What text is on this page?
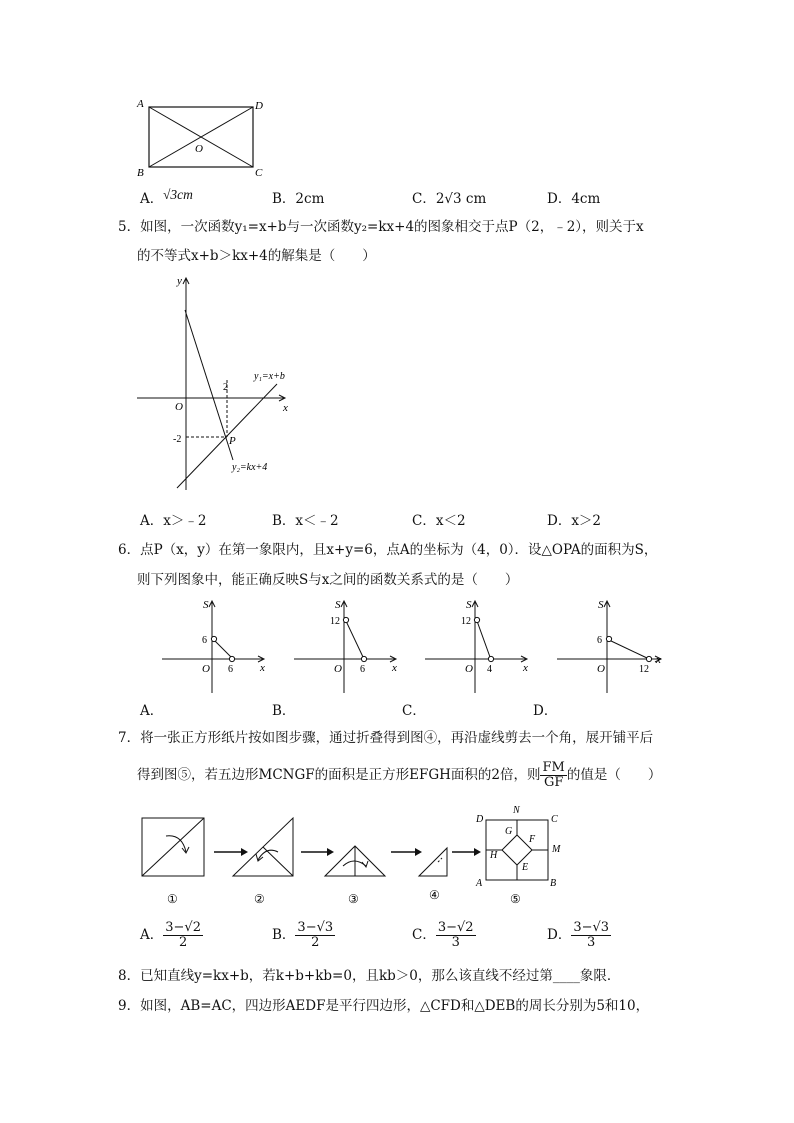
A	D
B	C
O
A． √3cm	B．2cm	C．2√3 cm	D．4cm
5．如图，一次函数y₁=x+b与一次函数y₂=kx+4的图象相交于点P（2，﹣2），则关于x
的不等式x+b＞kx+4的解集是（　　）
y
x
O
2
-2	P
y₁=x+b
y₂=kx+4
A．x＞﹣2	B．x＜﹣2	C．x＜2	D．x＞2
6．点P（x，y）在第一象限内，且x+y=6，点A的坐标为（4，0）．设△OPA的面积为S，
则下列图象中，能正确反映S与x之间的函数关系式的是（　　）
S
x
O
6
6
S
x
O
12
6
S
x
O
12
4
S
x
O
6
12
A．	B．	C．	D．
7．将一张正方形纸片按如图步骤，通过折叠得到图④，再沿虚线剪去一个角，展开铺平后
得到图⑤，若五边形MCNGF的面积是正方形EFGH面积的2倍，则 $\frac{FM}{GF}$ 的值是（　　）
D
N
C
G
F
M
H
E
A	B
①	②	③	④	⑤
A． $\frac{3-√2}{2}$	B． $\frac{3-√3}{2}$	C． $\frac{3-√2}{3}$	D． $\frac{3-√3}{3}$
8．已知直线y=kx+b，若k+b+kb=0，且kb＞0，那么该直线不经过第____象限．
9．如图，AB=AC，四边形AEDF是平行四边形，△CFD和△DEB的周长分别为5和10，
